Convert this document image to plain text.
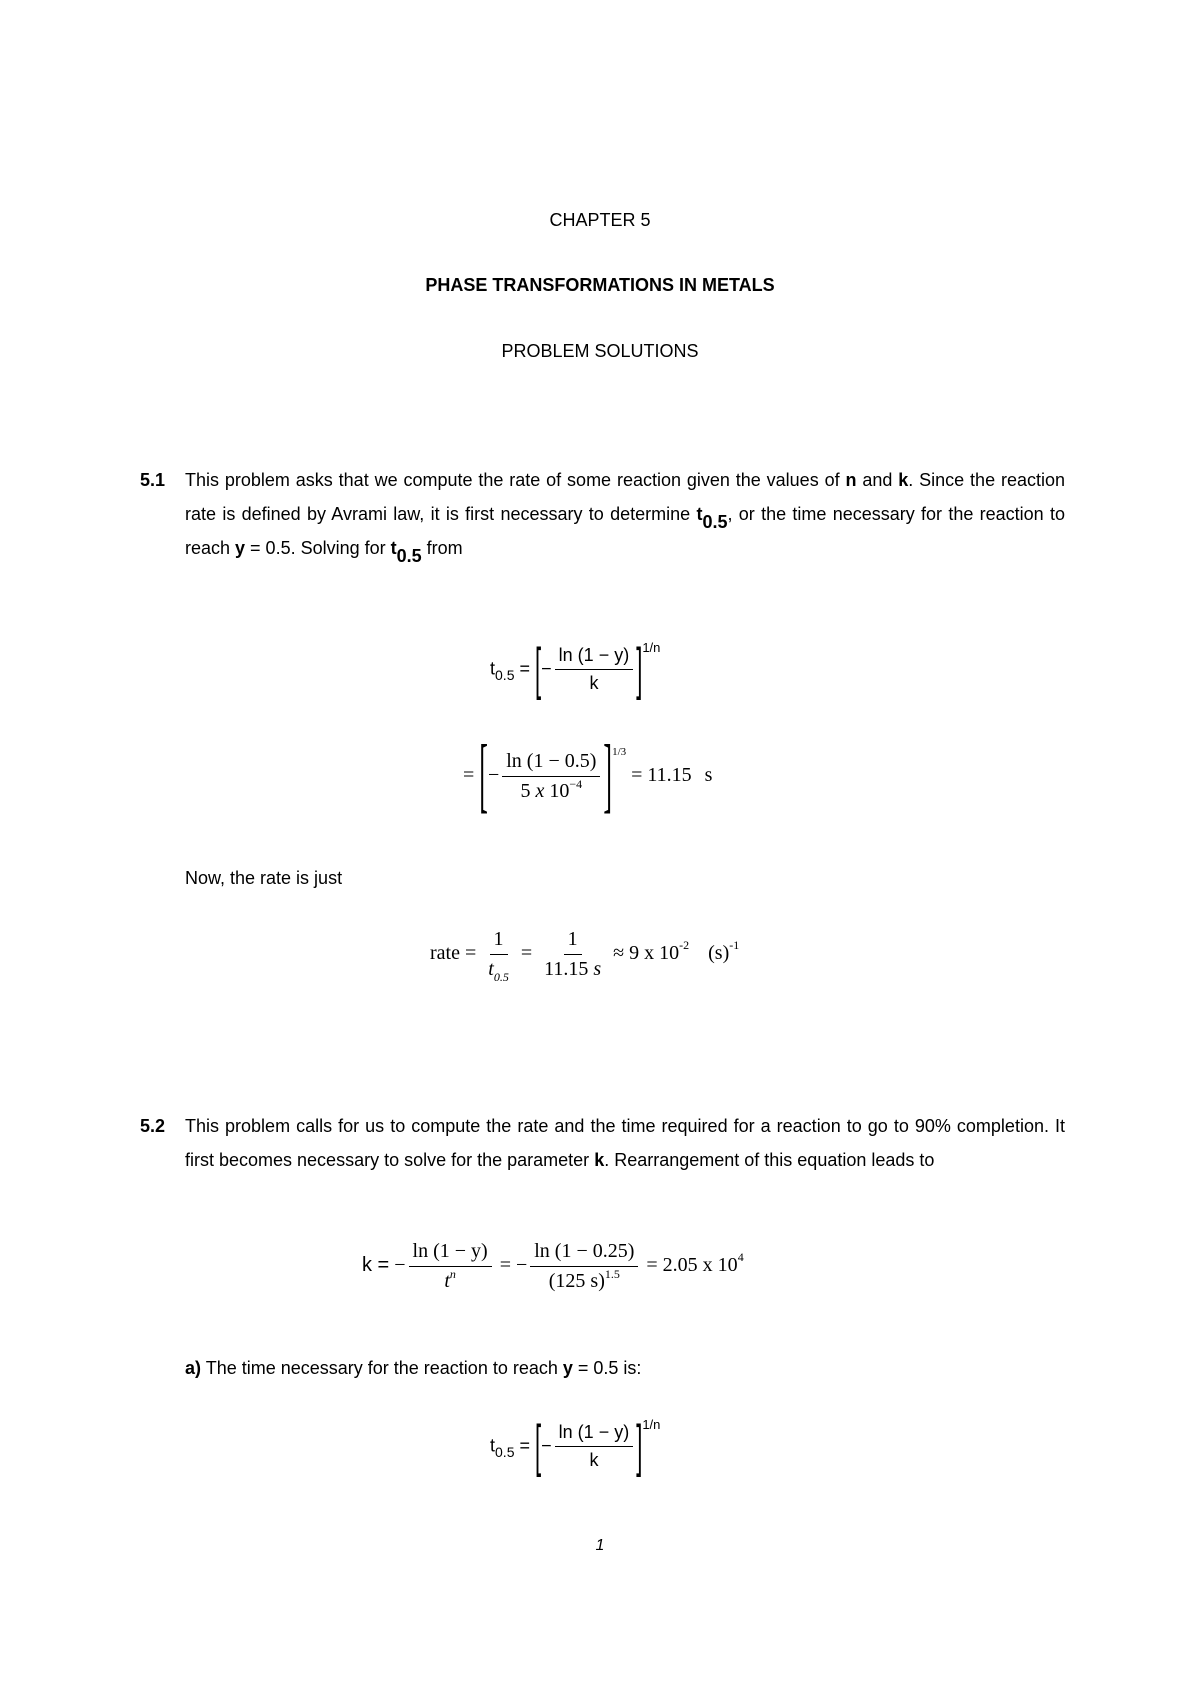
CHAPTER 5
PHASE TRANSFORMATIONS IN METALS
PROBLEM SOLUTIONS
5.1 This problem asks that we compute the rate of some reaction given the values of n and k. Since the reaction rate is defined by Avrami law, it is first necessary to determine t0.5, or the time necessary for the reaction to reach y = 0.5. Solving for t0.5 from
$t_{0.5}$ = [− $\frac{\ln (1 - y)}{k} ]^{1/n}$
= [− $\frac{\ln (1 - 0.5)}{5 x 10^{-4}} ]^{1/3} = 11.15$ s
Now, the rate is just
rate = $\frac{1}{t_{0.5}} = \frac{1}{11.15 s} \approx 9$ x $10^{-2}$ $(s)^{-1}$
5.2 This problem calls for us to compute the rate and the time required for a reaction to go to 90% completion. It first becomes necessary to solve for the parameter k. Rearrangement of this equation leads to
k = − $\frac{\ln (1 - y)}{t^n}$ = − $\frac{\ln (1 - 0.25)}{(125 s)^{1.5}} = 2.05$ x $10^4$
a) The time necessary for the reaction to reach y = 0.5 is:
$t_{0.5}$ = [− $\frac{\ln (1 - y)}{k} ]^{1/n}$
1
